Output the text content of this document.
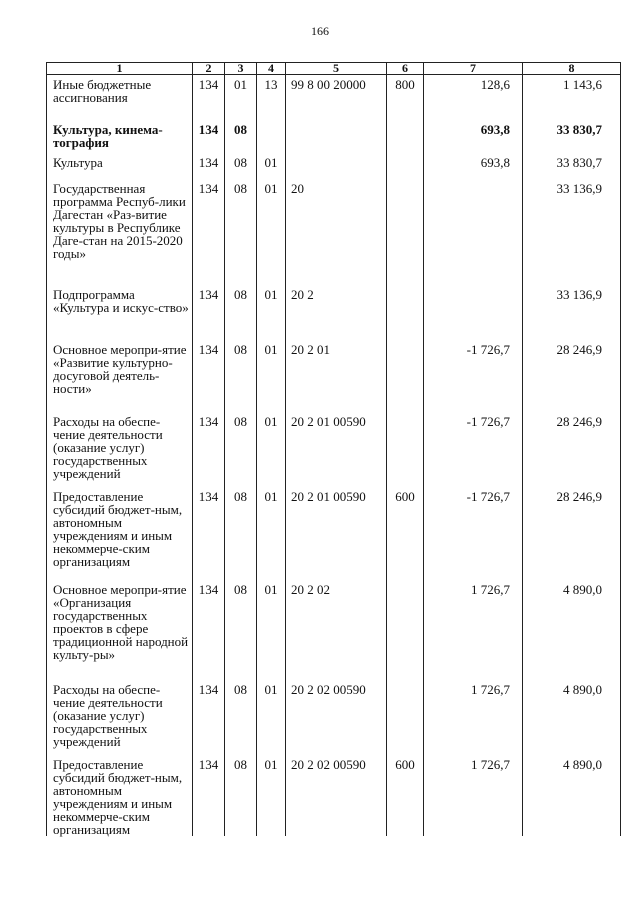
166
1	2	3	4	5	6	7	8
Иные бюджетные ассигнования	134	01	13	99 8 00 20000	800	128,6	1 143,6
Культура, кинема-тография	134	08				693,8	33 830,7
Культура	134	08	01			693,8	33 830,7
Государственная программа Респуб-лики Дагестан «Раз-витие культуры в Республике Даге-стан на 2015-2020 годы»	134	08	01	20			33 136,9
Подпрограмма «Культура и искус-ство»	134	08	01	20 2			33 136,9
Основное меропри-ятие «Развитие культурно-досуговой деятель-ности»	134	08	01	20 2 01		-1 726,7	28 246,9
Расходы на обеспе-чение деятельности (оказание услуг) государственных учреждений	134	08	01	20 2 01 00590		-1 726,7	28 246,9
Предоставление субсидий бюджет-ным, автономным учреждениям и иным некоммерче-ским организациям	134	08	01	20 2 01 00590	600	-1 726,7	28 246,9
Основное меропри-ятие «Организация государственных проектов в сфере традиционной народной культу-ры»	134	08	01	20 2 02		1 726,7	4 890,0
Расходы на обеспе-чение деятельности (оказание услуг) государственных учреждений	134	08	01	20 2 02 00590		1 726,7	4 890,0
Предоставление субсидий бюджет-ным, автономным учреждениям и иным некоммерче-ским организациям	134	08	01	20 2 02 00590	600	1 726,7	4 890,0
